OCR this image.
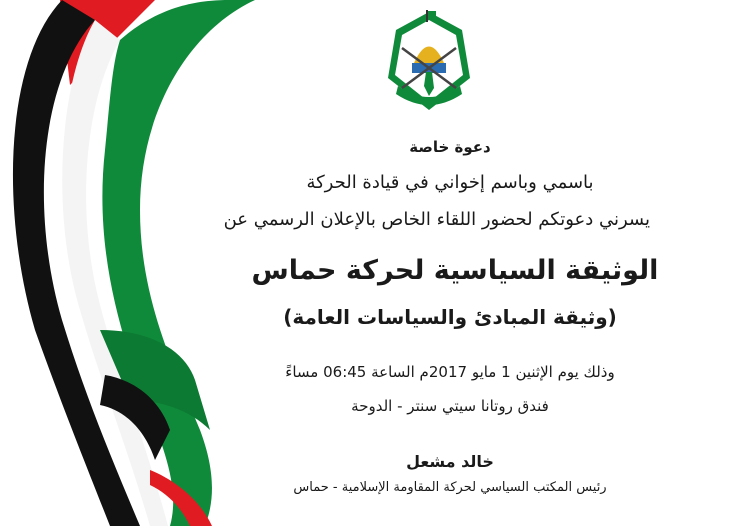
دعوة خاصة
باسمي وباسم إخواني في قيادة الحركة
يسرني دعوتكم لحضور اللقاء الخاص بالإعلان الرسمي عن
الوثيقة السياسية لحركة حماس
(وثيقة المبادئ والسياسات العامة)
وذلك يوم الإثنين 1 مايو 2017م الساعة 06:45 مساءً
فندق روتانا سيتي سنتر - الدوحة
خالد مشعل
رئيس المكتب السياسي لحركة المقاومة الإسلامية - حماس
